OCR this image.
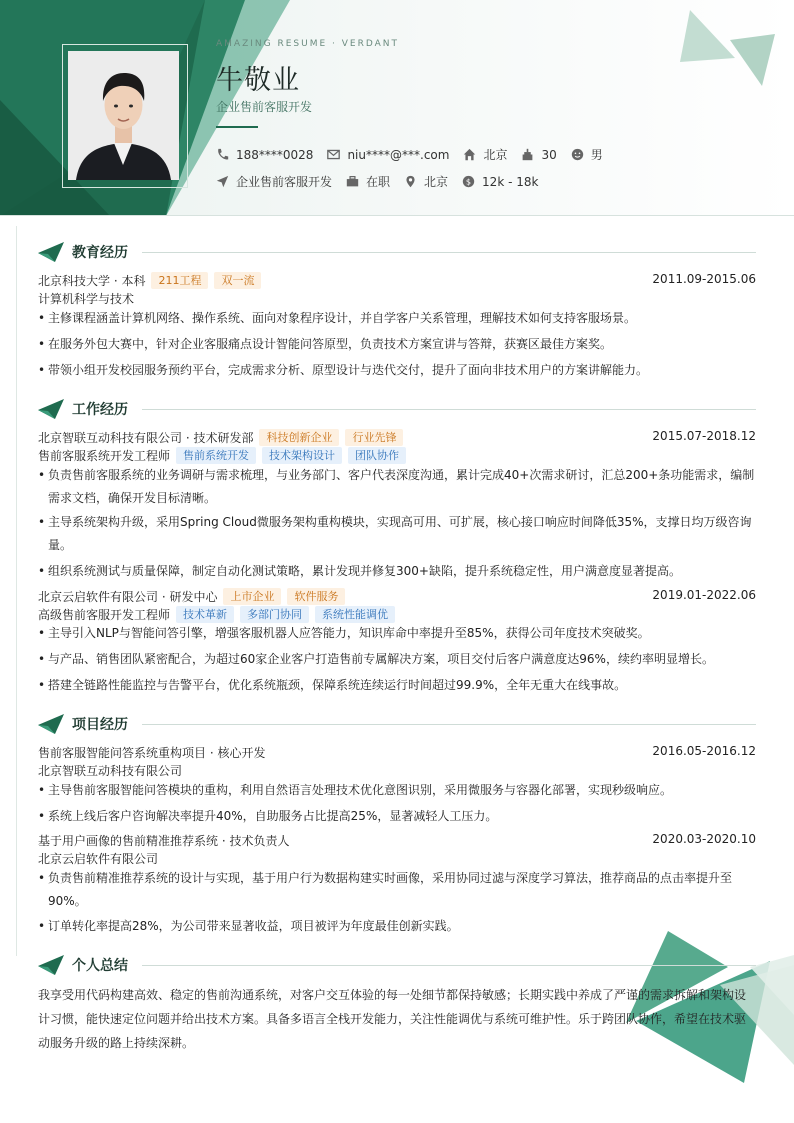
AMAZING RESUME · VERDANT
牛敬业
企业售前客服开发
188****0028	niu****@***.com	北京	30	男
企业售前客服开发	在职	北京 $ 12k - 18k
教育经历
北京科技大学 · 本科	211工程	双一流	2011.09-2015.06
计算机科学与技术
• 主修课程涵盖计算机网络、操作系统、面向对象程序设计，并自学客户关系管理，理解技术如何支持客服场景。
• 在服务外包大赛中，针对企业客服痛点设计智能问答原型，负责技术方案宣讲与答辩，获赛区最佳方案奖。
• 带领小组开发校园服务预约平台，完成需求分析、原型设计与迭代交付，提升了面向非技术用户的方案讲解能力。
工作经历
北京智联互动科技有限公司 · 技术研发部	科技创新企业	行业先锋	2015.07-2018.12
售前客服系统开发工程师	售前系统开发	技术架构设计	团队协作
• 负责售前客服系统的业务调研与需求梳理，与业务部门、客户代表深度沟通，累计完成40+次需求研讨，汇总200+条功能需求，编制
需求文档，确保开发目标清晰。
• 主导系统架构升级，采用Spring Cloud微服务架构重构模块，实现高可用、可扩展，核心接口响应时间降低35%，支撑日均万级咨询
量。
• 组织系统测试与质量保障，制定自动化测试策略，累计发现并修复300+缺陷，提升系统稳定性，用户满意度显著提高。
北京云启软件有限公司 · 研发中心	上市企业	软件服务	2019.01-2022.06
高级售前客服开发工程师	技术革新	多部门协同	系统性能调优
• 主导引入NLP与智能问答引擎，增强客服机器人应答能力，知识库命中率提升至85%，获得公司年度技术突破奖。
• 与产品、销售团队紧密配合，为超过60家企业客户打造售前专属解决方案，项目交付后客户满意度达96%，续约率明显增长。
• 搭建全链路性能监控与告警平台，优化系统瓶颈，保障系统连续运行时间超过99.9%，全年无重大在线事故。
项目经历
售前客服智能问答系统重构项目 · 核心开发	2016.05-2016.12
北京智联互动科技有限公司
• 主导售前客服智能问答模块的重构，利用自然语言处理技术优化意图识别，采用微服务与容器化部署，实现秒级响应。
• 系统上线后客户咨询解决率提升40%，自助服务占比提高25%，显著减轻人工压力。
基于用户画像的售前精准推荐系统 · 技术负责人	2020.03-2020.10
北京云启软件有限公司
• 负责售前精准推荐系统的设计与实现，基于用户行为数据构建实时画像，采用协同过滤与深度学习算法，推荐商品的点击率提升至
90%。
• 订单转化率提高28%，为公司带来显著收益，项目被评为年度最佳创新实践。
个人总结
我享受用代码构建高效、稳定的售前沟通系统，对客户交互体验的每一处细节都保持敏感；长期实践中养成了严谨的需求拆解和架构设
计习惯，能快速定位问题并给出技术方案。具备多语言全栈开发能力，关注性能调优与系统可维护性。乐于跨团队协作，希望在技术驱
动服务升级的路上持续深耕。
